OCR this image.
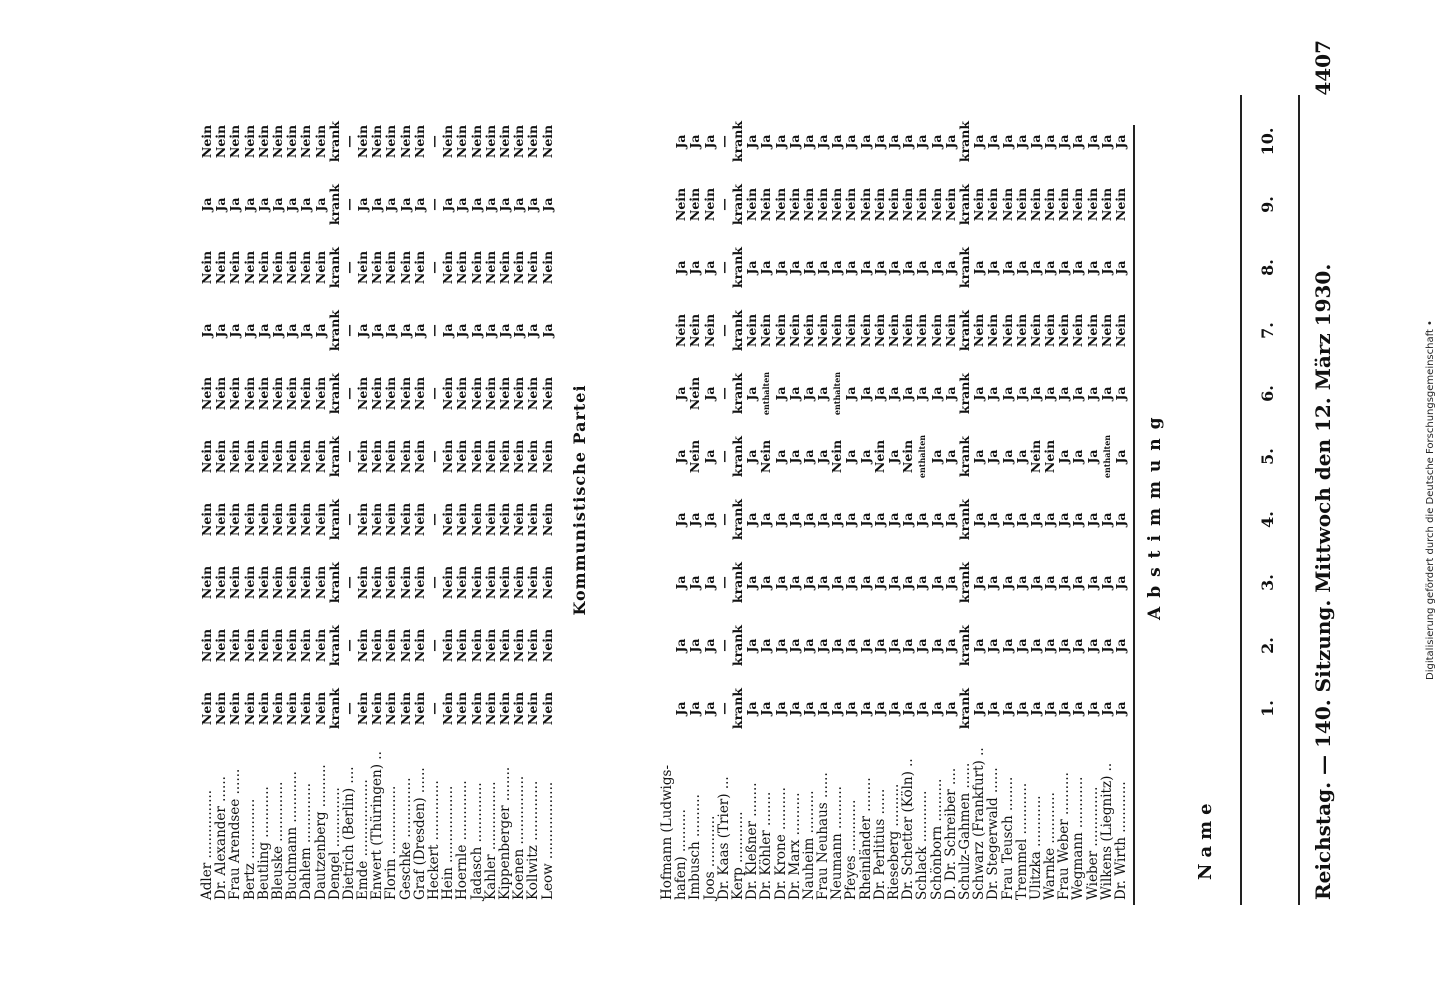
Reichstag. — 140. Sitzung. Mittwoch den 12. März 1930.
4407
Name
Abstimmung
1.
2.
3.
4.
5.
6.
7.
8.
9.
10.
Hofmann (Ludwigs-
hafen) ..........
Imbusch ..........
Joos ............
Dr. Kaas (Trier) ...
Kerp ............
Dr. Kleßner ........
Dr. Köhler ........
Dr. Krone ..........
Dr. Marx ..........
Nauheim ..........
Frau Neuhaus ......
Neumann ..........
Pfeyes ............
Rheinländer ........
Dr. Perlitius ......
Rieseberg ..........
Dr. Schetter (Köln) ..
Schlack ............
Schönborn ..........
D. Dr. Schreiber ....
Schulz-Gahmen ......
Schwarz (Frankfurt) ..
Dr. Stegerwald ......
Frau Teusch ........
Tremmel ............
Ulitzka ............
Warnke ............
Frau Weber ..........
Wegmann ............
Wieber ..............
Wilkens (Liegnitz) ..
Dr. Wirth ............
Ja
Ja
Ja
Ja
Ja
Ja
Nein
Ja
Nein
Ja
Ja
Ja
Ja
Ja
Nein
Nein
Nein
Ja
Nein
Ja
Ja
Ja
Ja
Ja
Ja
Ja
Nein
Ja
Nein
Ja
—
—
—
—
—
—
—
—
—
—
krank
krank
krank
krank
krank
krank
krank
krank
krank
krank
Ja
Ja
Ja
Ja
Ja
Ja
Nein
Ja
Nein
Ja
Ja
Ja
Ja
Ja
Nein
enthalten
Nein
Ja
Nein
Ja
Ja
Ja
Ja
Ja
Ja
Ja
Nein
Ja
Nein
Ja
Ja
Ja
Ja
Ja
Ja
Ja
Nein
Ja
Nein
Ja
Ja
Ja
Ja
Ja
Ja
Ja
Nein
Ja
Nein
Ja
Ja
Ja
Ja
Ja
Ja
Ja
Nein
Ja
Nein
Ja
Ja
Ja
Ja
Ja
Nein
enthalten
Nein
Ja
Nein
Ja
Ja
Ja
Ja
Ja
Ja
Ja
Nein
Ja
Nein
Ja
Ja
Ja
Ja
Ja
Ja
Ja
Nein
Ja
Nein
Ja
Ja
Ja
Ja
Ja
Nein
Ja
Nein
Ja
Nein
Ja
Ja
Ja
Ja
Ja
Ja
Ja
Nein
Ja
Nein
Ja
Ja
Ja
Ja
Ja
Nein
Ja
Nein
Ja
Nein
Ja
Ja
Ja
Ja
Ja
enthalten
Ja
Nein
Ja
Nein
Ja
Ja
Ja
Ja
Ja
Ja
Ja
Nein
Ja
Nein
Ja
Ja
Ja
Ja
Ja
Ja
Ja
Nein
Ja
Nein
Ja
krank
krank
krank
krank
krank
krank
krank
krank
krank
krank
Ja
Ja
Ja
Ja
Ja
Ja
Nein
Ja
Nein
Ja
Ja
Ja
Ja
Ja
Ja
Ja
Nein
Ja
Nein
Ja
Ja
Ja
Ja
Ja
Ja
Ja
Nein
Ja
Nein
Ja
Ja
Ja
Ja
Ja
Ja
Ja
Nein
Ja
Nein
Ja
Ja
Ja
Ja
Ja
Nein
Ja
Nein
Ja
Nein
Ja
Ja
Ja
Ja
Ja
Nein
Ja
Nein
Ja
Nein
Ja
Ja
Ja
Ja
Ja
Ja
Ja
Nein
Ja
Nein
Ja
Ja
Ja
Ja
Ja
Ja
Ja
Nein
Ja
Nein
Ja
Ja
Ja
Ja
Ja
Ja
Ja
Nein
Ja
Nein
Ja
Ja
Ja
Ja
Ja
enthalten
Ja
Nein
Ja
Nein
Ja
Ja
Ja
Ja
Ja
Ja
Ja
Nein
Ja
Nein
Ja
Kommunistische Partei
Adler ................
Dr. Alexander ......
Frau Arendsee ......
Bertz ..............
Beutling ............
Bleuske ..............
Buchmann ............
Dahlem ..............
Dautzenberg ..........
Dengel ..............
Dietrich (Berlin) ....
Emde ..................
Enwert (Thüringen) ..
Florin ................
Geschke ..............
Graf (Dresden) ......
Heckert ..............
Hein ..................
Hoernle ..............
Jadasch ..............
Kahler ................
Kippenberger ........
Koenen ................
Kollwitz ..............
Leow ..................
Nein
Nein
Nein
Nein
Nein
Nein
Ja
Nein
Ja
Nein
Nein
Nein
Nein
Nein
Nein
Nein
Ja
Nein
Ja
Nein
Nein
Nein
Nein
Nein
Nein
Nein
Ja
Nein
Ja
Nein
Nein
Nein
Nein
Nein
Nein
Nein
Ja
Nein
Ja
Nein
Nein
Nein
Nein
Nein
Nein
Nein
Ja
Nein
Ja
Nein
Nein
Nein
Nein
Nein
Nein
Nein
Ja
Nein
Ja
Nein
Nein
Nein
Nein
Nein
Nein
Nein
Ja
Nein
Ja
Nein
Nein
Nein
Nein
Nein
Nein
Nein
Ja
Nein
Ja
Nein
Nein
Nein
Nein
Nein
Nein
Nein
Ja
Nein
Ja
Nein
krank
krank
krank
krank
krank
krank
krank
krank
krank
krank
—
—
—
—
—
—
—
—
—
—
Nein
Nein
Nein
Nein
Nein
Nein
Ja
Nein
Ja
Nein
Nein
Nein
Nein
Nein
Nein
Nein
Ja
Nein
Ja
Nein
Nein
Nein
Nein
Nein
Nein
Nein
Ja
Nein
Ja
Nein
Nein
Nein
Nein
Nein
Nein
Nein
Ja
Nein
Ja
Nein
Nein
Nein
Nein
Nein
Nein
Nein
Ja
Nein
Ja
Nein
—
—
—
—
—
—
—
—
—
—
Nein
Nein
Nein
Nein
Nein
Nein
Ja
Nein
Ja
Nein
Nein
Nein
Nein
Nein
Nein
Nein
Ja
Nein
Ja
Nein
Nein
Nein
Nein
Nein
Nein
Nein
Ja
Nein
Ja
Nein
Nein
Nein
Nein
Nein
Nein
Nein
Ja
Nein
Ja
Nein
Nein
Nein
Nein
Nein
Nein
Nein
Ja
Nein
Ja
Nein
Nein
Nein
Nein
Nein
Nein
Nein
Ja
Nein
Ja
Nein
Nein
Nein
Nein
Nein
Nein
Nein
Ja
Nein
Ja
Nein
Nein
Nein
Nein
Nein
Nein
Nein
Ja
Nein
Ja
Nein
Digitalisierung gefördert durch die Deutsche Forschungsgemeinschaft •
